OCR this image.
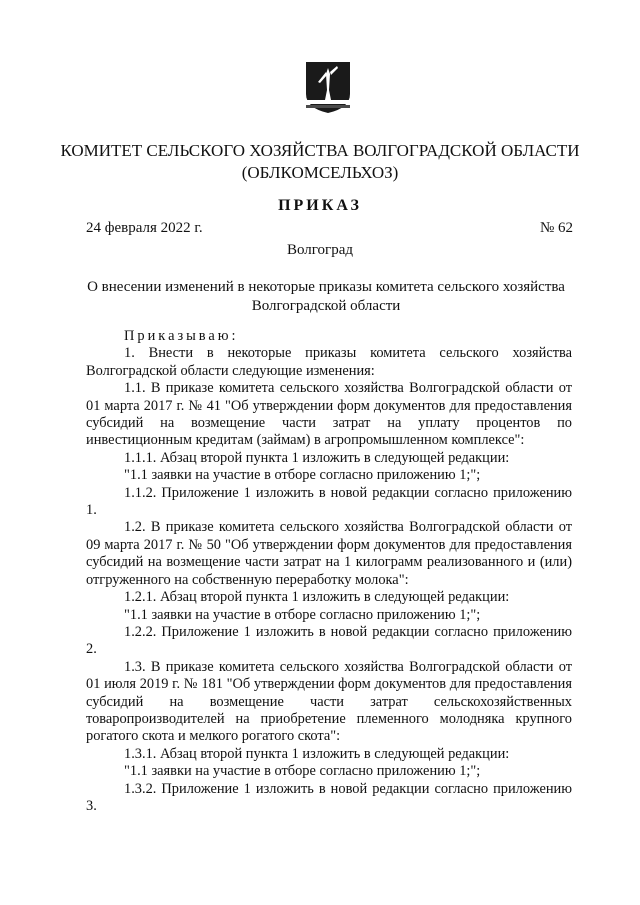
КОМИТЕТ СЕЛЬСКОГО ХОЗЯЙСТВА ВОЛГОГРАДСКОЙ ОБЛАСТИ
(ОБЛКОМСЕЛЬХОЗ)
ПРИКАЗ
24 февраля 2022 г.	№ 62
Волгоград
О внесении изменений в некоторые приказы комитета сельского хозяйства Волгоградской области

Приказываю:

1. Внести в некоторые приказы комитета сельского хозяйства Волгоградской области следующие изменения:

1.1. В приказе комитета сельского хозяйства Волгоградской области от 01 марта 2017 г. № 41 "Об утверждении форм документов для предоставления субсидий на возмещение части затрат на уплату процентов по инвестиционным кредитам (займам) в агропромышленном комплексе":

1.1.1. Абзац второй пункта 1 изложить в следующей редакции:

"1.1 заявки на участие в отборе согласно приложению 1;";

1.1.2. Приложение 1 изложить в новой редакции согласно приложению 1.

1.2. В приказе комитета сельского хозяйства Волгоградской области от 09 марта 2017 г. № 50 "Об утверждении форм документов для предоставления субсидий на возмещение части затрат на 1 килограмм реализованного и (или) отгруженного на собственную переработку молока":

1.2.1. Абзац второй пункта 1 изложить в следующей редакции:

"1.1 заявки на участие в отборе согласно приложению 1;";

1.2.2. Приложение 1 изложить в новой редакции согласно приложению 2.

1.3. В приказе комитета сельского хозяйства Волгоградской области от 01 июля 2019 г. № 181 "Об утверждении форм документов для предоставления субсидий на возмещение части затрат сельскохозяйственных товаропроизводителей на приобретение племенного молодняка крупного рогатого скота и мелкого рогатого скота":

1.3.1. Абзац второй пункта 1 изложить в следующей редакции:

"1.1 заявки на участие в отборе согласно приложению 1;";

1.3.2. Приложение 1 изложить в новой редакции согласно приложению 3.
